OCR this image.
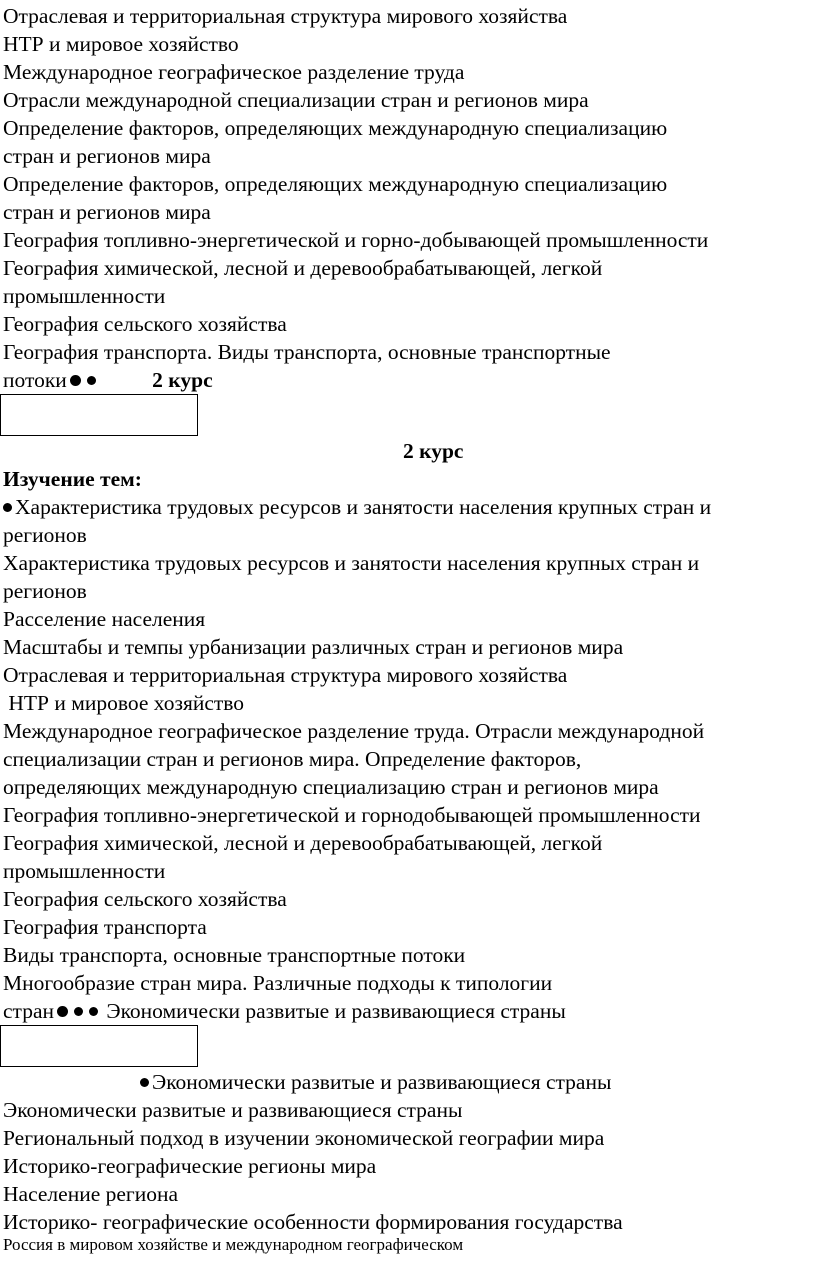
Отраслевая и территориальная структура мирового хозяйства
НТР и мировое хозяйство
Международное географическое разделение труда
Отрасли международной специализации стран и регионов мира
Определение факторов, определяющих международную специализацию
стран и регионов мира
Определение факторов, определяющих международную специализацию
стран и регионов мира
География топливно-энергетической и горно-добывающей промышленности
География химической, лесной и деревообрабатывающей, легкой
промышленности
География сельского хозяйства
География транспорта. Виды транспорта, основные транспортные
потоки	2 курс
2 курс
Изучение тем:
Характеристика трудовых ресурсов и занятости населения крупных стран и
регионов
Характеристика трудовых ресурсов и занятости населения крупных стран и
регионов
Расселение населения
Масштабы и темпы урбанизации различных стран и регионов мира
Отраслевая и территориальная структура мирового хозяйства
НТР и мировое хозяйство
Международное географическое разделение труда. Отрасли международной
специализации стран и регионов мира. Определение факторов,
определяющих международную специализацию стран и регионов мира
География топливно-энергетической и горнодобывающей промышленности
География химической, лесной и деревообрабатывающей, легкой
промышленности
География сельского хозяйства
География транспорта
Виды транспорта, основные транспортные потоки
Многообразие стран мира. Различные подходы к типологии
стран Экономически развитые и развивающиеся страны
Экономически развитые и развивающиеся страны
Экономически развитые и развивающиеся страны
Региональный подход в изучении экономической географии мира
Историко-географические регионы мира
Население региона
Историко- географические особенности формирования государства
Россия в мировом хозяйстве и международном географическом
